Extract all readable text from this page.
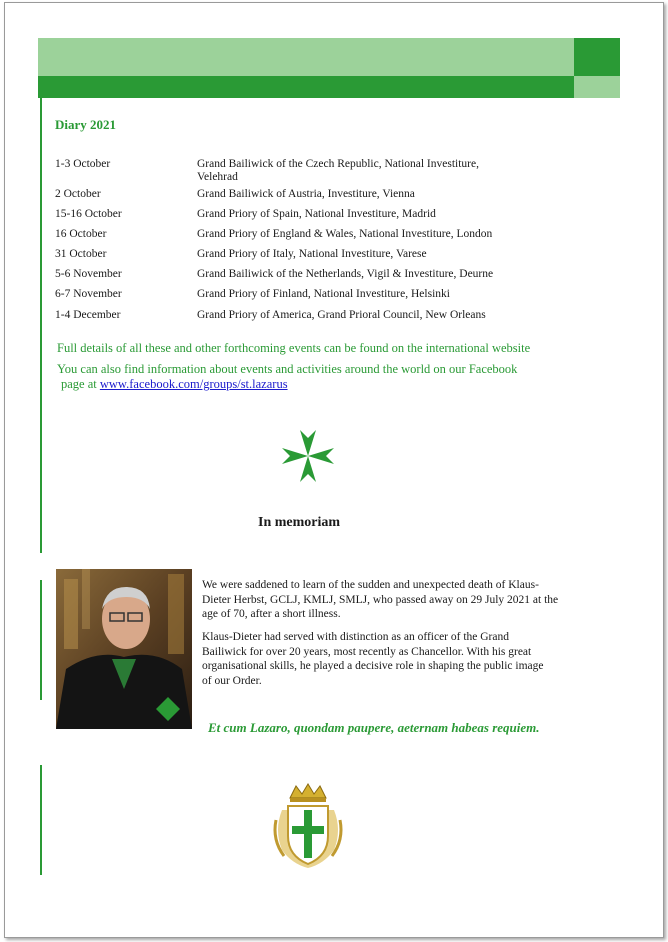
Diary 2021
1-3 October	Grand Bailiwick of the Czech Republic, National Investiture,
Velehrad
2 October	Grand Bailiwick of Austria, Investiture, Vienna
15-16 October	Grand Priory of Spain, National Investiture, Madrid
16 October	Grand Priory of England & Wales, National Investiture, London
31 October	Grand Priory of Italy, National Investiture, Varese
5-6 November	Grand Bailiwick of the Netherlands, Vigil & Investiture, Deurne
6-7 November	Grand Priory of Finland, National Investiture, Helsinki
1-4 December	Grand Priory of America, Grand Prioral Council, New Orleans
Full details of all these and other forthcoming events can be found on the international website
You can also find information about events and activities around the world on our Facebook
page at www.facebook.com/groups/st.lazarus
In memoriam
We were saddened to learn of the sudden and unexpected death of Klaus-
Dieter Herbst, GCLJ, KMLJ, SMLJ, who passed away on 29 July 2021 at the
age of 70, after a short illness.
Klaus-Dieter had served with distinction as an officer of the Grand
Bailiwick for over 20 years, most recently as Chancellor. With his great
organisational skills, he played a decisive role in shaping the public image
of our Order.
Et cum Lazaro, quondam paupere, aeternam habeas requiem.
